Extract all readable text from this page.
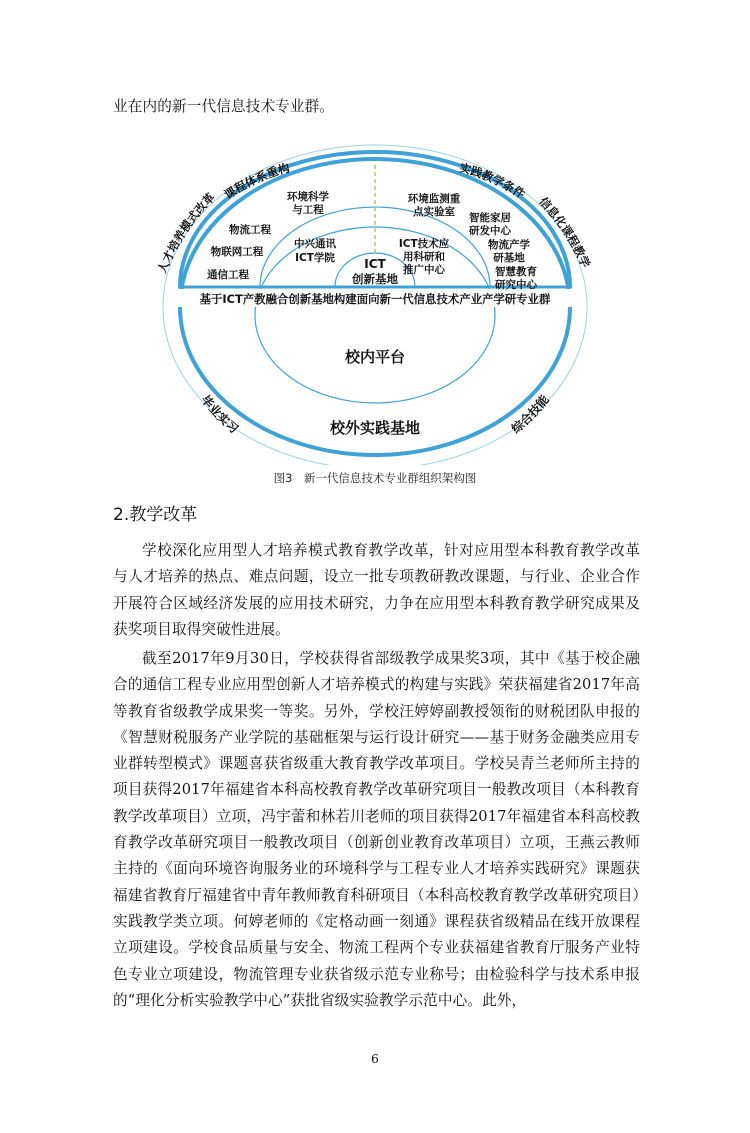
业在内的新一代信息技术专业群。

基于ICT产教融合创新基地构建面向新一代信息技术产业产学研专业群
课程体系重构
人才培养模式改革
实践教学条件
信息化课程教学
环境科学
与工程
物流工程
物联网工程
通信工程
中兴通讯
ICT学院
环境监测重
点实验室 智能家居
研发中心
ICT技术应
用科研和
推广中心
物流产学
研基地
智慧教育
研究中心
ICT
创新基地
校内平台
校外实践基地
毕业实习	综合技能
图3　新一代信息技术专业群组织架构图
2.教学改革

学校深化应用型人才培养模式教育教学改革，针对应用型本科教育教学改革与人才培养的热点、难点问题，设立一批专项教研教改课题，与行业、企业合作开展符合区域经济发展的应用技术研究，力争在应用型本科教育教学研究成果及获奖项目取得突破性进展。

截至2017年9月30日，学校获得省部级教学成果奖3项，其中《基于校企融合的通信工程专业应用型创新人才培养模式的构建与实践》荣获福建省2017年高等教育省级教学成果奖一等奖。另外，学校汪婷婷副教授领衔的财税团队申报的《智慧财税服务产业学院的基础框架与运行设计研究——基于财务金融类应用专业群转型模式》课题喜获省级重大教育教学改革项目。学校吴青兰老师所主持的项目获得2017年福建省本科高校教育教学改革研究项目一般教改项目（本科教育教学改革项目）立项，冯宇蕾和林若川老师的项目获得2017年福建省本科高校教育教学改革研究项目一般教改项目（创新创业教育改革项目）立项，王燕云教师主持的《面向环境咨询服务业的环境科学与工程专业人才培养实践研究》课题获福建省教育厅福建省中青年教师教育科研项目（本科高校教育教学改革研究项目）实践教学类立项。何婷老师的《定格动画一刻通》课程获省级精品在线开放课程立项建设。学校食品质量与安全、物流工程两个专业获福建省教育厅服务产业特色专业立项建设，物流管理专业获省级示范专业称号；由检验科学与技术系申报的“理化分析实验教学中心”获批省级实验教学示范中心。此外，

6
